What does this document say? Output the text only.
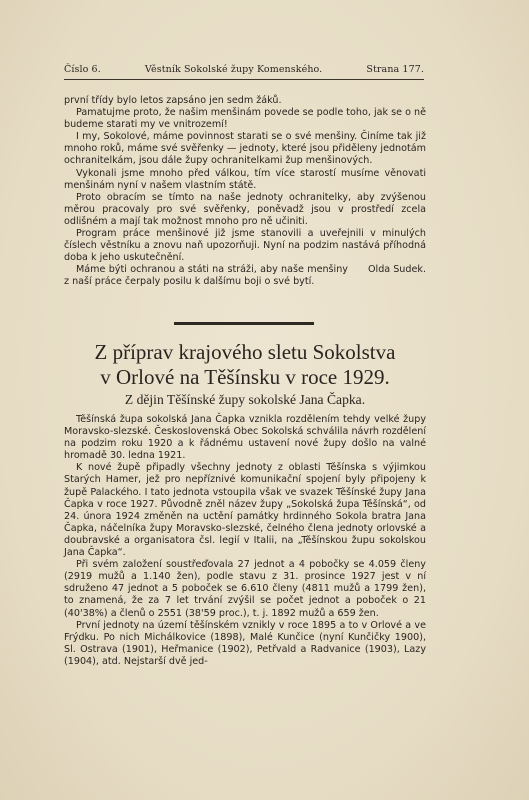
Číslo 6.	Věstník Sokolské župy Komenského.	Strana 177.

první třídy bylo letos zapsáno jen sedm žáků.

Pamatujme proto, že našim menšinám povede se podle toho, jak se o ně budeme starati my ve vnitrozemí!

I my, Sokolové, máme povinnost starati se o své menšiny. Činíme tak již mnoho roků, máme své svěřenky — jednoty, které jsou přiděleny jednotám ochranitelkám, jsou dále župy ochranitelkami žup menšinových.

Vykonali jsme mnoho před válkou, tím více starostí musíme věnovati menšinám nyní v našem vlastním státě.

Proto obracím se tímto na naše jednoty ochranitelky, aby zvýšenou měrou pracovaly pro své svěřenky, poněvadž jsou v prostředí zcela odlišném a mají tak možnost mnoho pro ně učiniti.

Program práce menšinové již jsme stanovili a uveřejnili v minulých číslech věstníku a znovu naň upozorňuji. Nyní na podzim nastává příhodná doba k jeho uskutečnění.

Máme býti ochranou a státi na stráži, aby naše menšiny z naší práce čerpaly posilu k dalšímu boji o své bytí.
Olda Sudek.

Z příprav krajového sletu Sokolstva
v Orlové na Těšínsku v roce 1929.
Z dějin Těšínské župy sokolské Jana Čapka.

Těšínská župa sokolská Jana Čapka vznikla rozdělením tehdy velké župy Moravsko-slezské. Československá Obec Sokolská schválila návrh rozdělení na podzim roku 1920 a k řádnému ustavení nové župy došlo na valné hromadě 30. ledna 1921.

K nové župě připadly všechny jednoty z oblasti Těšínska s výjimkou Starých Hamer, jež pro nepříznivé komunikační spojení byly připojeny k župě Palackého. I tato jednota vstoupila však ve svazek Těšínské župy Jana Čapka v roce 1927. Původně zněl název župy „Sokolská župa Těšínská“, od 24. února 1924 změněn na uctění památky hrdinného Sokola bratra Jana Čapka, náčelníka župy Moravsko-slezské, čelného člena jednoty orlovské a doubravské a organisatora čsl. legií v Italii, na „Těšínskou župu sokolskou Jana Čapka“.

Při svém založení soustřeďovala 27 jednot a 4 pobočky se 4.059 členy (2919 mužů a 1.140 žen), podle stavu z 31. prosince 1927 jest v ní sdruženo 47 jednot a 5 poboček se 6.610 členy (4811 mužů a 1799 žen), to znamená, že za 7 let trvání zvýšil se počet jednot a poboček o 21 (40'38%) a členů o 2551 (38'59 proc.), t. j. 1892 mužů a 659 žen.

První jednoty na území těšínském vznikly v roce 1895 a to v Orlové a ve Frýdku. Po nich Michálkovice (1898), Malé Kunčice (nyní Kunčičky 1900), Sl. Ostrava (1901), Heřmanice (1902), Petřvald a Radvanice (1903), Lazy (1904), atd. Nejstarší dvě jed-
